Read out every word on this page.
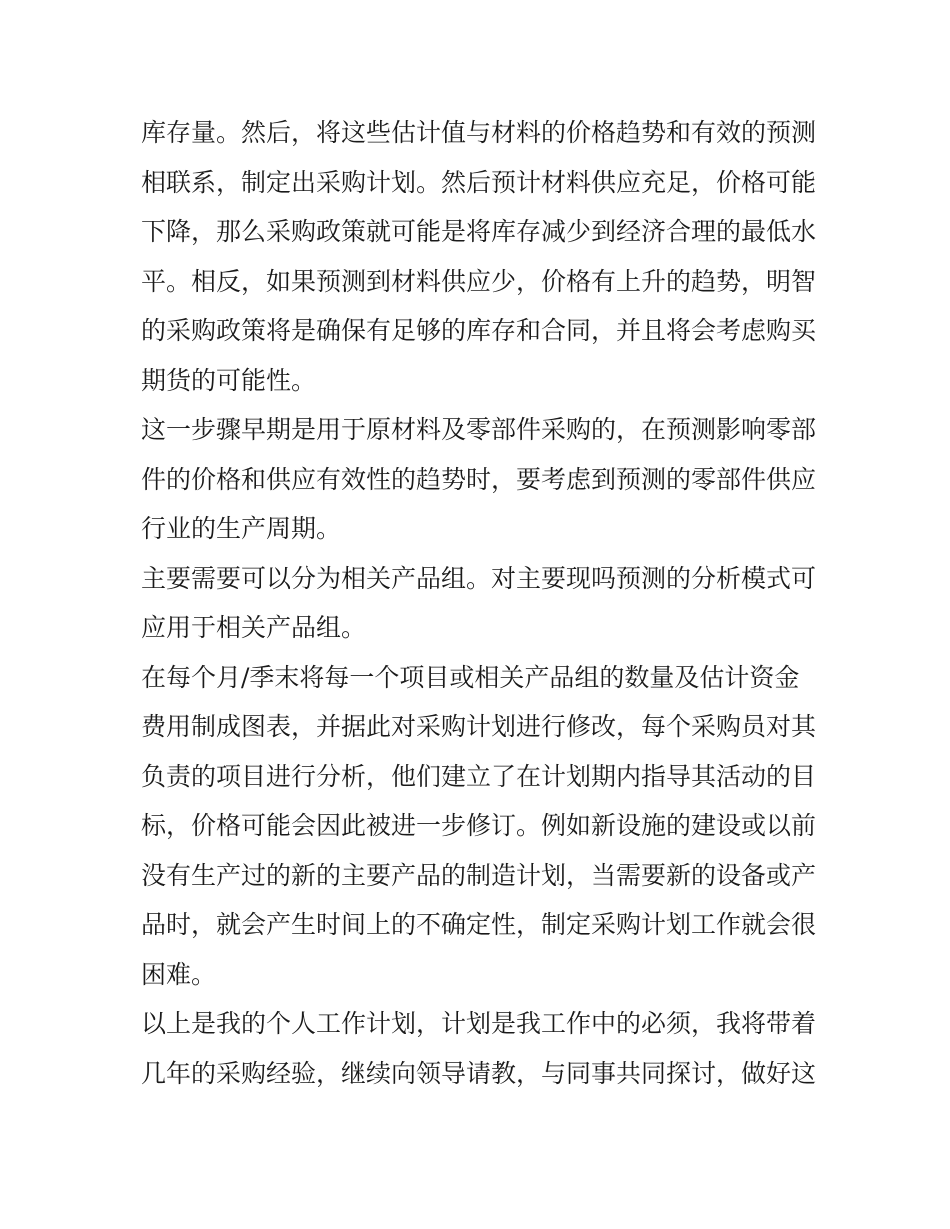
库存量。然后，将这些估计值与材料的价格趋势和有效的预测
相联系，制定出采购计划。然后预计材料供应充足，价格可能
下降，那么采购政策就可能是将库存减少到经济合理的最低水
平。相反，如果预测到材料供应少，价格有上升的趋势，明智
的采购政策将是确保有足够的库存和合同，并且将会考虑购买
期货的可能性。
这一步骤早期是用于原材料及零部件采购的，在预测影响零部
件的价格和供应有效性的趋势时，要考虑到预测的零部件供应
行业的生产周期。
主要需要可以分为相关产品组。对主要现吗预测的分析模式可
应用于相关产品组。
在每个月/季末将每一个项目或相关产品组的数量及估计资金
费用制成图表，并据此对采购计划进行修改，每个采购员对其
负责的项目进行分析，他们建立了在计划期内指导其活动的目
标，价格可能会因此被进一步修订。例如新设施的建设或以前
没有生产过的新的主要产品的制造计划，当需要新的设备或产
品时，就会产生时间上的不确定性，制定采购计划工作就会很
困难。
以上是我的个人工作计划，计划是我工作中的必须，我将带着
几年的采购经验，继续向领导请教，与同事共同探讨，做好这
